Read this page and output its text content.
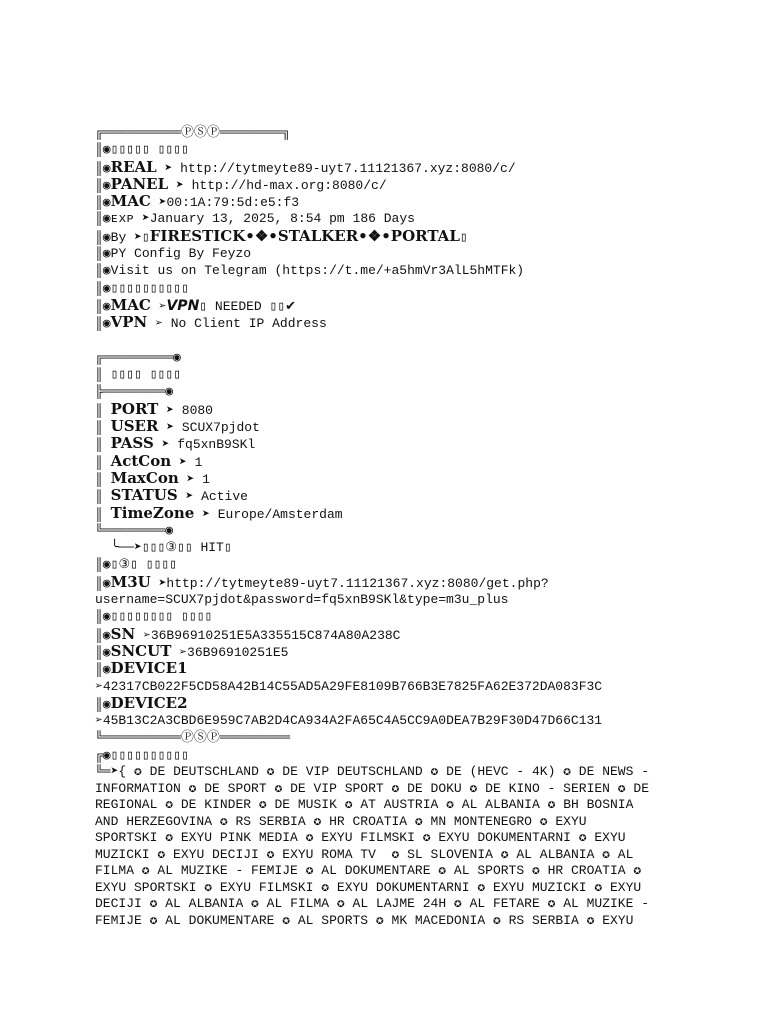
╔══════════ⓅⓈⓅ════════╗
║◉ ▯▯▯▯▯ ▯▯▯▯
║◉ REAL ➤ http://tytmeyte89-uyt7.11121367.xyz:8080/c/
║◉ PANEL ➤ http://hd-max.org:8080/c/
║◉ MAC ➤ 00:1A:79:5d:e5:f3
║◉ ᴇxᴘ ➤ January 13, 2025, 8:54 pm 186 Days
║◉ By ➤ ▯ FIRESTICK•❖•STALKER•❖•PORTAL ▯
║◉ PY Config By Feyzo
║◉ Visit us on Telegram (https://t.me/+a5hmVr3AlL5hMTFk)
║◉ ▯▯▯▯▯▯▯▯▯▯
║◉ MAC ➢ VPN ▯ NEEDED ▯▯ ✔
║◉ VPN ➢ No Client IP Address
╔═════════◉
║ ▯▯▯▯ ▯▯▯▯
╠════════◉
║ PORT ➤ 8080
║ USER ➤ SCUX7pjdot
║ PASS ➤ fq5xnB9SKl
║ ActCon ➤ 1
║ MaxCon ➤ 1
║ STATUS ➤ Active
║ TimeZone ➤ Europe/Amsterdam
╚════════◉
╰──➤ ▯▯▯③▯▯ HIT▯
║◉ ▯③▯ ▯▯▯▯
║◉ M3U ➤ http://tytmeyte89-uyt7.11121367.xyz:8080/get.php?
username=SCUX7pjdot&password=fq5xnB9SKl&type=m3u_plus
║◉ ▯▯▯▯▯▯▯▯ ▯▯▯▯
║◉ SN ➢ 36B96910251E5A335515C874A80A238C
║◉ SNCUT ➢ 36B96910251E5
║◉ DEVICE1
➢42317CB022F5CD58A42B14C55AD5A29FE8109B766B3E7825FA62E372DA083F3C
║◉ DEVICE2
➢45B13C2A3CBD6E959C7AB2D4CA934A2FA65C4A5CC9A0DEA7B29F30D47D66C131
╚══════════ⓅⓈⓅ═════════
╔◉▯▯▯▯▯▯▯▯▯▯
╚═➤{ ✪ DE DEUTSCHLAND ✪ DE VIP DEUTSCHLAND ✪ DE (HEVC - 4K) ✪ DE NEWS -
INFORMATION ✪ DE SPORT ✪ DE VIP SPORT ✪ DE DOKU ✪ DE KINO - SERIEN ✪ DE
REGIONAL ✪ DE KINDER ✪ DE MUSIK ✪ AT AUSTRIA ✪ AL ALBANIA ✪ BH BOSNIA
AND HERZEGOVINA ✪ RS SERBIA ✪ HR CROATIA ✪ MN MONTENEGRO ✪ EXYU
SPORTSKI ✪ EXYU PINK MEDIA ✪ EXYU FILMSKI ✪ EXYU DOKUMENTARNI ✪ EXYU
MUZICKI ✪ EXYU DECIJI ✪ EXYU ROMA TV  ✪ SL SLOVENIA ✪ AL ALBANIA ✪ AL
FILMA ✪ AL MUZIKE - FEMIJE ✪ AL DOKUMENTARE ✪ AL SPORTS ✪ HR CROATIA ✪
EXYU SPORTSKI ✪ EXYU FILMSKI ✪ EXYU DOKUMENTARNI ✪ EXYU MUZICKI ✪ EXYU
DECIJI ✪ AL ALBANIA ✪ AL FILMA ✪ AL LAJME 24H ✪ AL FETARE ✪ AL MUZIKE -
FEMIJE ✪ AL DOKUMENTARE ✪ AL SPORTS ✪ MK MACEDONIA ✪ RS SERBIA ✪ EXYU
